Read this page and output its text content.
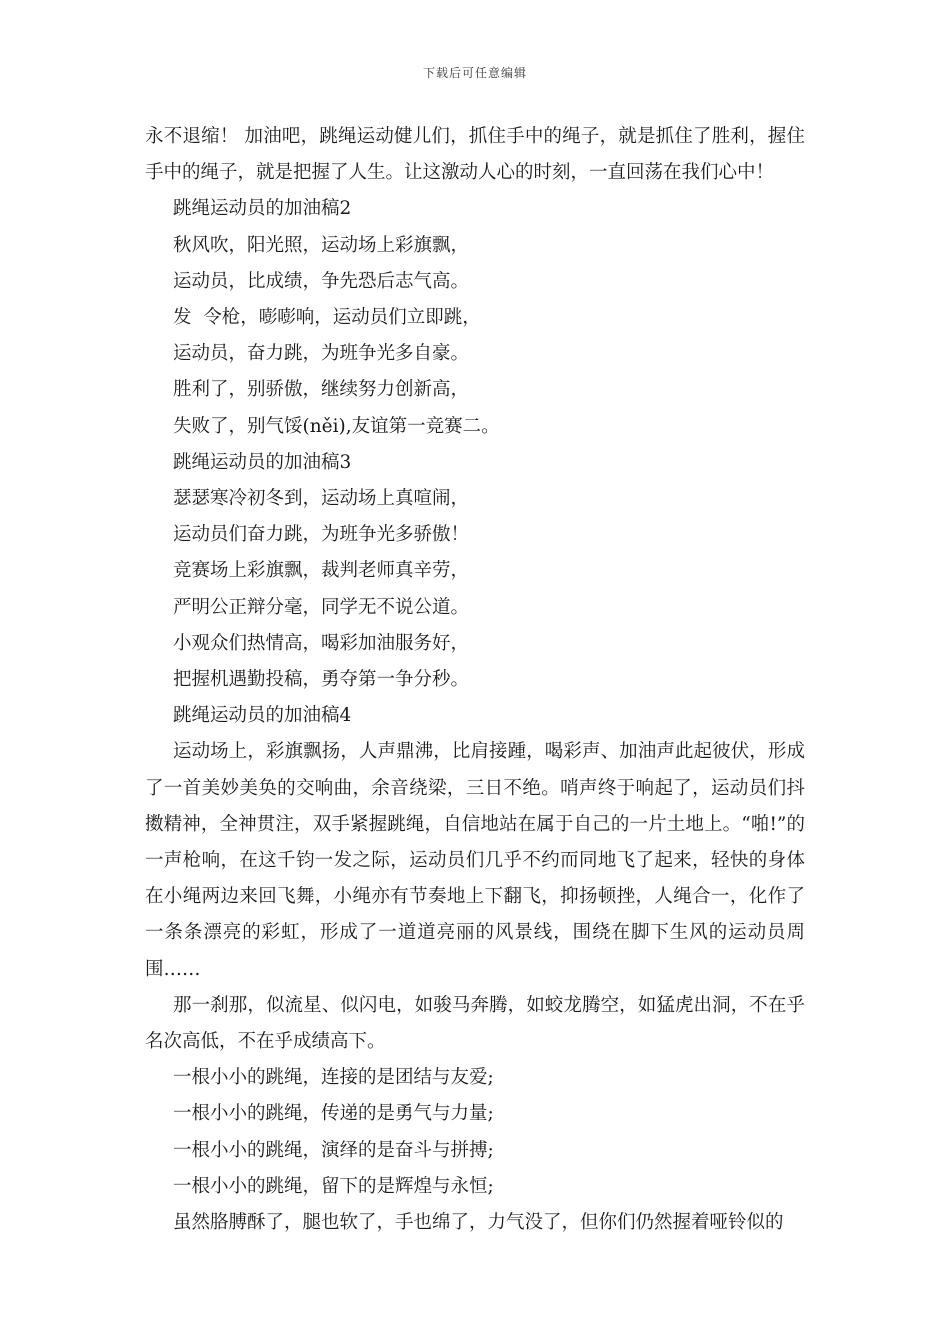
下载后可任意编辑

永不退缩！ 加油吧，跳绳运动健儿们，抓住手中的绳子，就是抓住了胜利，握住手中的绳子，就是把握了人生。让这激动人心的时刻，一直回荡在我们心中！

跳绳运动员的加油稿2

秋风吹，阳光照，运动场上彩旗飘，

运动员，比成绩，争先恐后志气高。

发  令枪，嘭嘭响，运动员们立即跳，

运动员，奋力跳，为班争光多自豪。

胜利了，别骄傲，继续努力创新高，

失败了，别气馁(něi),友谊第一竞赛二。

跳绳运动员的加油稿3

瑟瑟寒冷初冬到，运动场上真喧闹，

运动员们奋力跳，为班争光多骄傲！

竞赛场上彩旗飘，裁判老师真辛劳，

严明公正辩分毫，同学无不说公道。

小观众们热情高，喝彩加油服务好，

把握机遇勤投稿，勇夺第一争分秒。

跳绳运动员的加油稿4

运动场上，彩旗飘扬，人声鼎沸，比肩接踵，喝彩声、加油声此起彼伏，形成了一首美妙美奂的交响曲，余音绕梁，三日不绝。哨声终于响起了，运动员们抖擞精神，全神贯注，双手紧握跳绳，自信地站在属于自己的一片土地上。“啪!”的一声枪响，在这千钧一发之际，运动员们几乎不约而同地飞了起来，轻快的身体在小绳两边来回飞舞，小绳亦有节奏地上下翻飞，抑扬顿挫，人绳合一，化作了一条条漂亮的彩虹，形成了一道道亮丽的风景线，围绕在脚下生风的运动员周围……

那一刹那，似流星、似闪电，如骏马奔腾，如蛟龙腾空，如猛虎出洞，不在乎名次高低，不在乎成绩高下。

一根小小的跳绳，连接的是团结与友爱;

一根小小的跳绳，传递的是勇气与力量;

一根小小的跳绳，演绎的是奋斗与拼搏;

一根小小的跳绳，留下的是辉煌与永恒;

虽然胳膊酥了，腿也软了，手也绵了，力气没了，但你们仍然握着哑铃似的
